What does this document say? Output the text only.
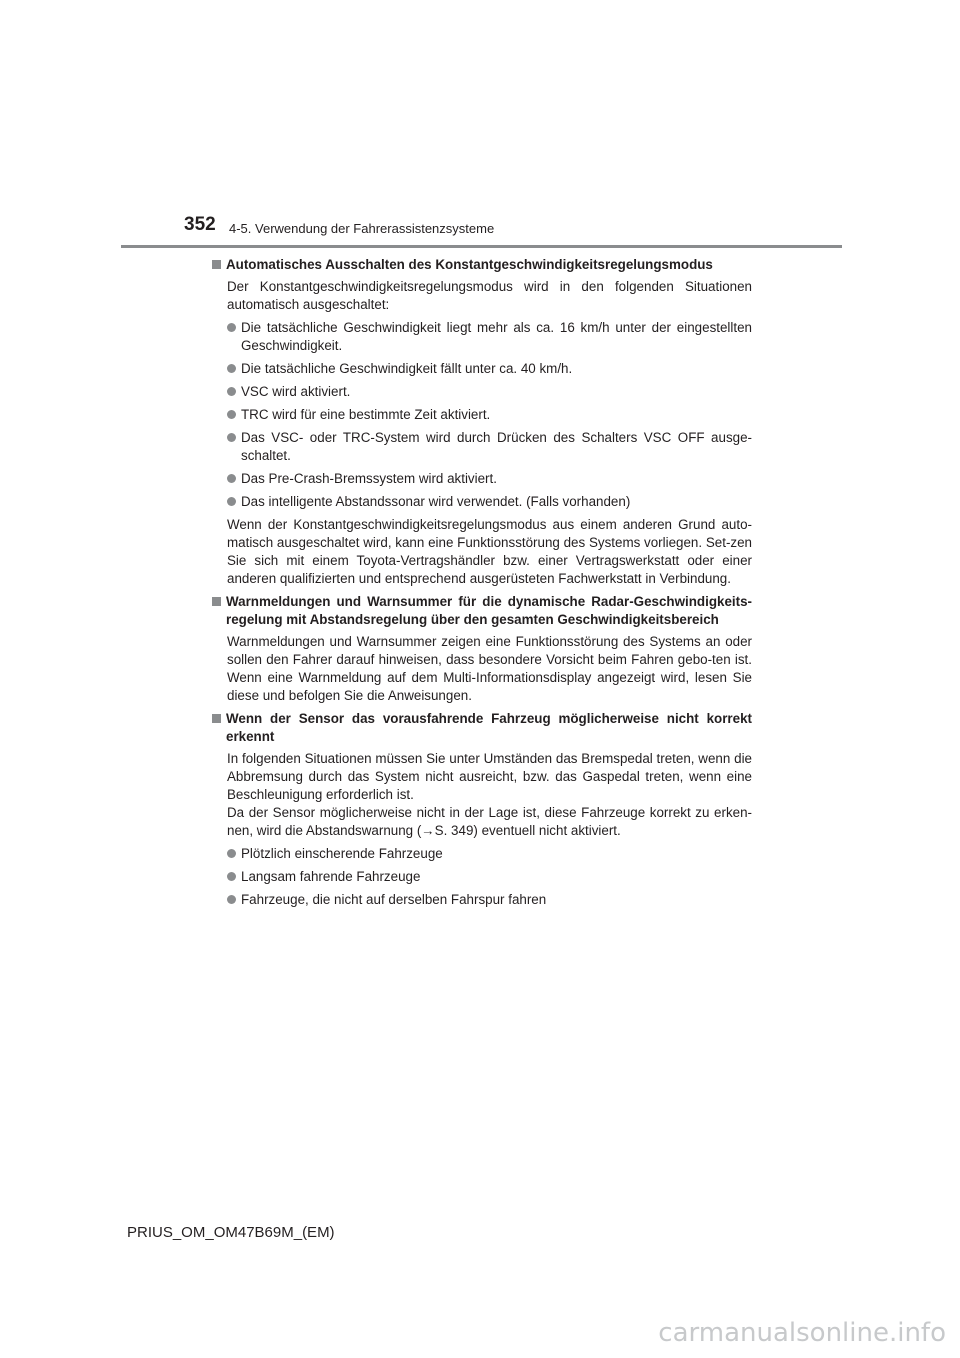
352 4-5. Verwendung der Fahrerassistenzsysteme
Automatisches Ausschalten des Konstantgeschwindigkeitsregelungsmodus
Der Konstantgeschwindigkeitsregelungsmodus wird in den folgenden Situationen automatisch ausgeschaltet:
Die tatsächliche Geschwindigkeit liegt mehr als ca. 16 km/h unter der eingestellten Geschwindigkeit.
Die tatsächliche Geschwindigkeit fällt unter ca. 40 km/h.
VSC wird aktiviert.
TRC wird für eine bestimmte Zeit aktiviert.
Das VSC- oder TRC-System wird durch Drücken des Schalters VSC OFF ausge-schaltet.
Das Pre-Crash-Bremssystem wird aktiviert.
Das intelligente Abstandssonar wird verwendet. (Falls vorhanden)
Wenn der Konstantgeschwindigkeitsregelungsmodus aus einem anderen Grund auto-matisch ausgeschaltet wird, kann eine Funktionsstörung des Systems vorliegen. Set-zen Sie sich mit einem Toyota-Vertragshändler bzw. einer Vertragswerkstatt oder einer anderen qualifizierten und entsprechend ausgerüsteten Fachwerkstatt in Verbindung.
Warnmeldungen und Warnsummer für die dynamische Radar-Geschwindigkeits-regelung mit Abstandsregelung über den gesamten Geschwindigkeitsbereich
Warnmeldungen und Warnsummer zeigen eine Funktionsstörung des Systems an oder sollen den Fahrer darauf hinweisen, dass besondere Vorsicht beim Fahren gebo-ten ist. Wenn eine Warnmeldung auf dem Multi-Informationsdisplay angezeigt wird, lesen Sie diese und befolgen Sie die Anweisungen.
Wenn der Sensor das vorausfahrende Fahrzeug möglicherweise nicht korrekt erkennt
In folgenden Situationen müssen Sie unter Umständen das Bremspedal treten, wenn die Abbremsung durch das System nicht ausreicht, bzw. das Gaspedal treten, wenn eine Beschleunigung erforderlich ist.
Da der Sensor möglicherweise nicht in der Lage ist, diese Fahrzeuge korrekt zu erken-nen, wird die Abstandswarnung (→S. 349) eventuell nicht aktiviert.
Plötzlich einscherende Fahrzeuge
Langsam fahrende Fahrzeuge
Fahrzeuge, die nicht auf derselben Fahrspur fahren
PRIUS_OM_OM47B69M_(EM)
carmanualsonline.info
